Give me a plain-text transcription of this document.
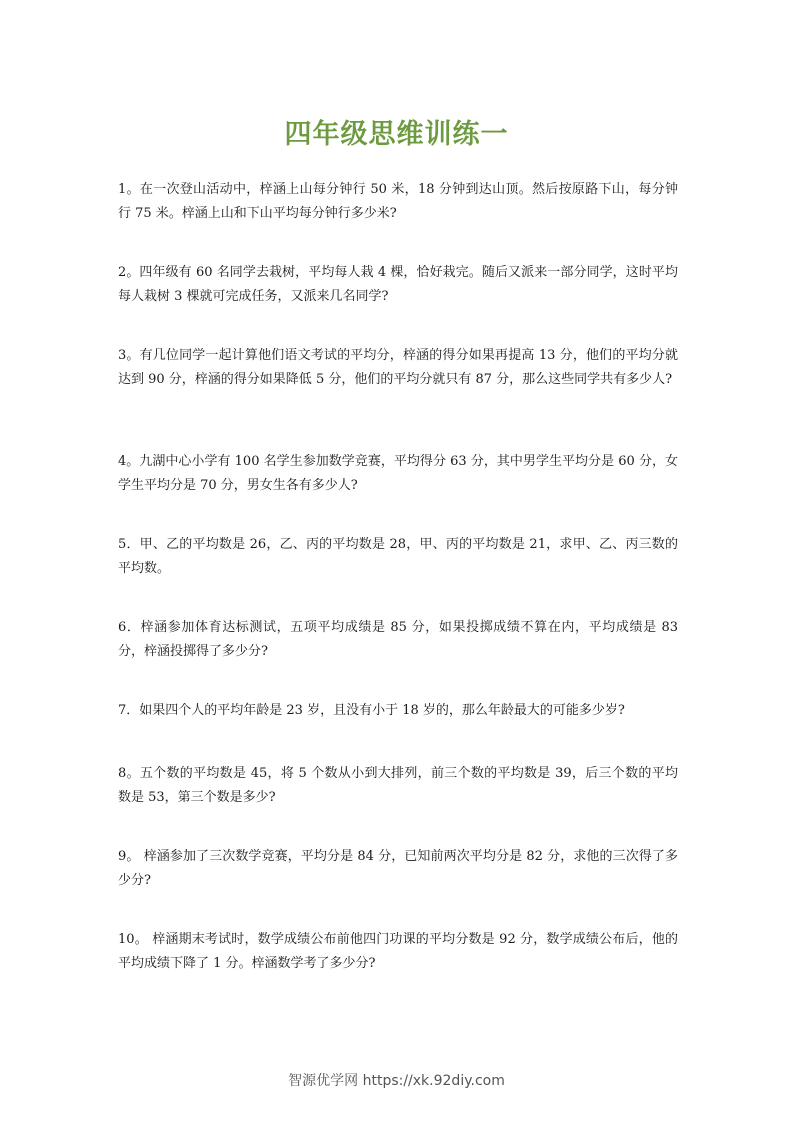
四年级思维训练一

1。在一次登山活动中，梓涵上山每分钟行 50 米，18 分钟到达山顶。然后按原路下山，每分钟行 75 米。梓涵上山和下山平均每分钟行多少米?

2。四年级有 60 名同学去栽树，平均每人栽 4 棵，恰好栽完。随后又派来一部分同学，这时平均每人栽树 3 棵就可完成任务，又派来几名同学?

3。有几位同学一起计算他们语文考试的平均分，梓涵的得分如果再提高 13 分，他们的平均分就达到 90 分，梓涵的得分如果降低 5 分，他们的平均分就只有 87 分，那么这些同学共有多少人?

4。九湖中心小学有 100 名学生参加数学竞赛，平均得分 63 分，其中男学生平均分是 60 分，女学生平均分是 70 分，男女生各有多少人?

5．甲、乙的平均数是 26，乙、丙的平均数是 28，甲、丙的平均数是 21，求甲、乙、丙三数的平均数。

6．梓涵参加体育达标测试，五项平均成绩是 85 分，如果投掷成绩不算在内，平均成绩是 83 分，梓涵投掷得了多少分?

7．如果四个人的平均年龄是 23 岁，且没有小于 18 岁的，那么年龄最大的可能多少岁?

8。五个数的平均数是 45，将 5 个数从小到大排列，前三个数的平均数是 39，后三个数的平均数是 53，第三个数是多少?

9。 梓涵参加了三次数学竞赛，平均分是 84 分，已知前两次平均分是 82 分，求他的三次得了多少分?

10。 梓涵期末考试时，数学成绩公布前他四门功课的平均分数是 92 分，数学成绩公布后，他的平均成绩下降了 1 分。梓涵数学考了多少分?

智源优学网 https://xk.92diy.com
